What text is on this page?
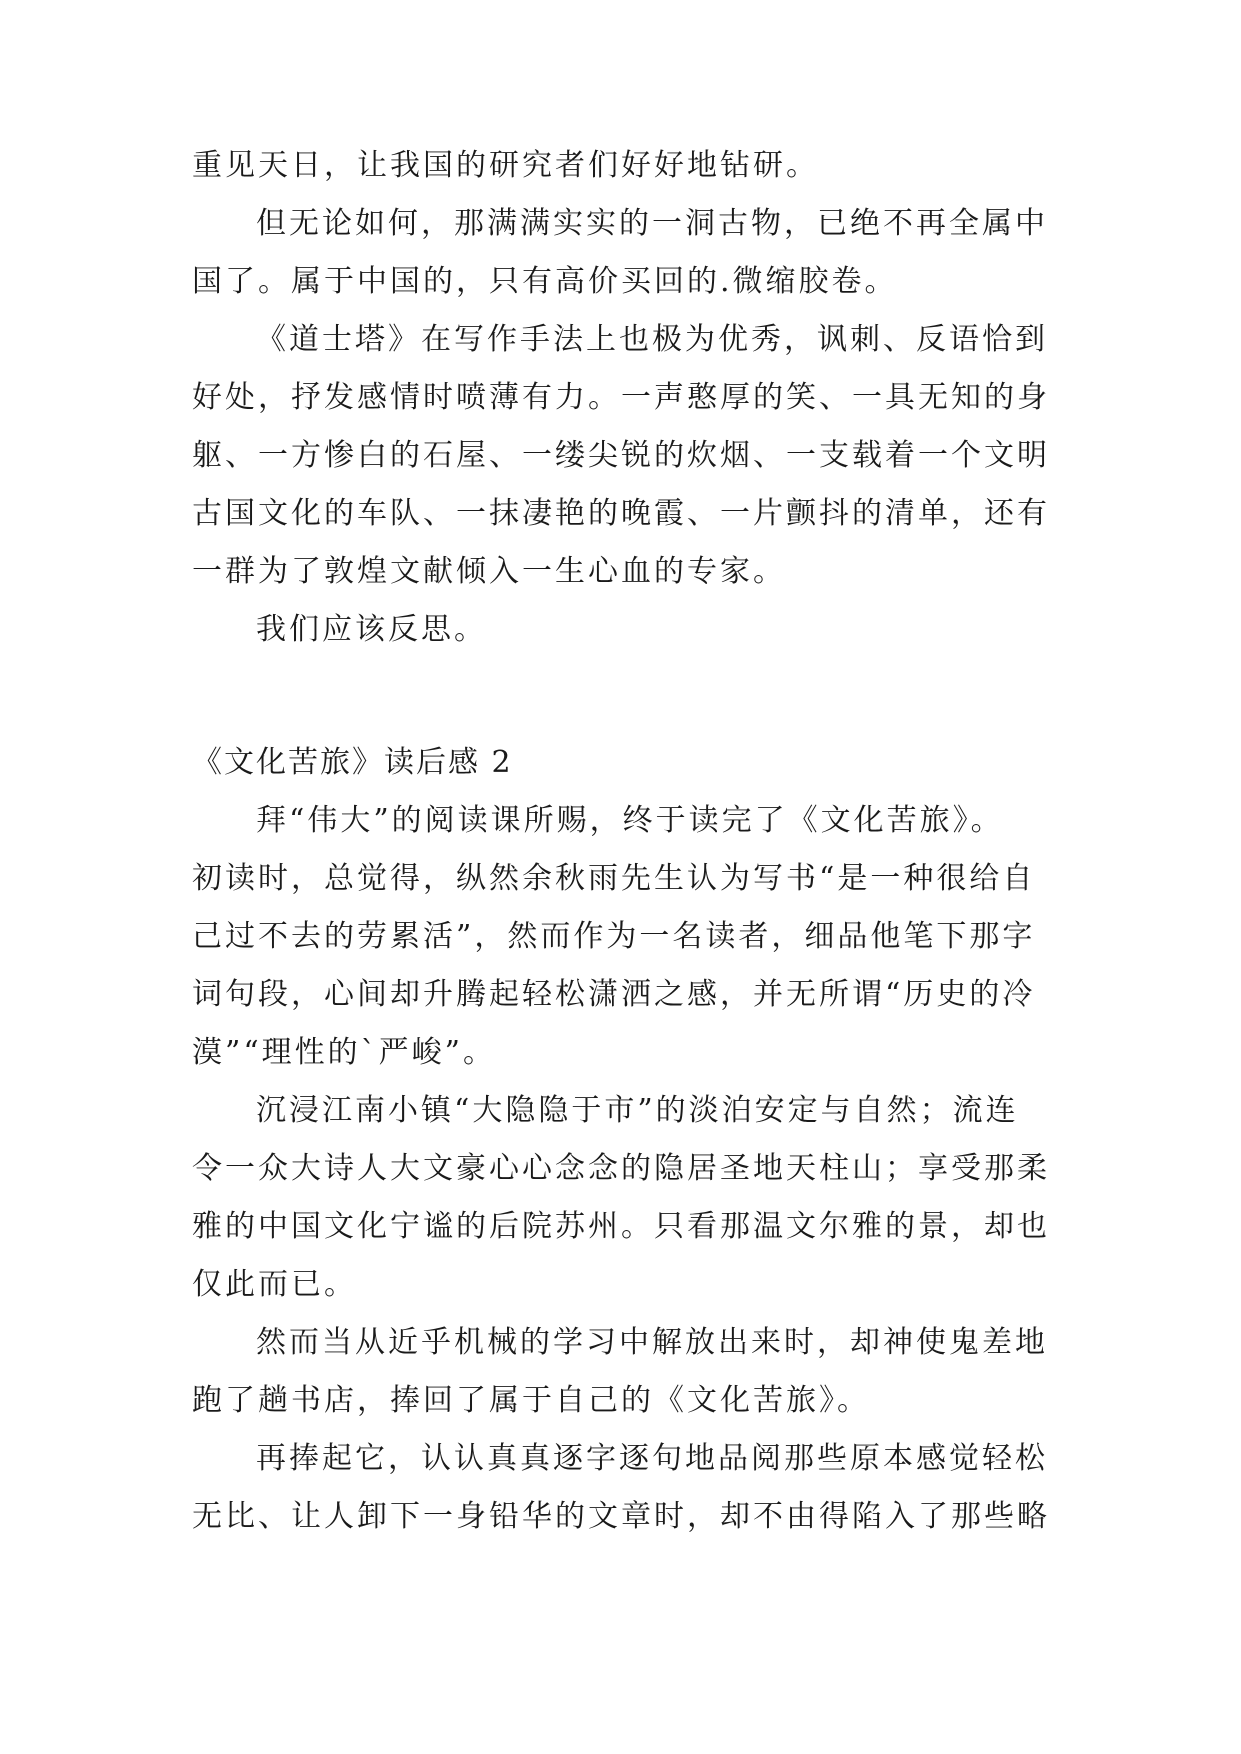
重见天日，让我国的研究者们好好地钻研。
但无论如何，那满满实实的一洞古物，已绝不再全属中
国了。属于中国的，只有高价买回的.微缩胶卷。
《道士塔》在写作手法上也极为优秀，讽刺、反语恰到
好处，抒发感情时喷薄有力。一声憨厚的笑、一具无知的身
躯、一方惨白的石屋、一缕尖锐的炊烟、一支载着一个文明
古国文化的车队、一抹凄艳的晚霞、一片颤抖的清单，还有
一群为了敦煌文献倾入一生心血的专家。
我们应该反思。
《文化苦旅》读后感 2
拜“伟大”的阅读课所赐，终于读完了《文化苦旅》。
初读时，总觉得，纵然余秋雨先生认为写书“是一种很给自
己过不去的劳累活”，然而作为一名读者，细品他笔下那字
词句段，心间却升腾起轻松潇洒之感，并无所谓“历史的冷
漠”“理性的`严峻”。
沉浸江南小镇“大隐隐于市”的淡泊安定与自然；流连
令一众大诗人大文豪心心念念的隐居圣地天柱山；享受那柔
雅的中国文化宁谧的后院苏州。只看那温文尔雅的景，却也
仅此而已。
然而当从近乎机械的学习中解放出来时，却神使鬼差地
跑了趟书店，捧回了属于自己的《文化苦旅》。
再捧起它，认认真真逐字逐句地品阅那些原本感觉轻松
无比、让人卸下一身铅华的文章时，却不由得陷入了那些略
